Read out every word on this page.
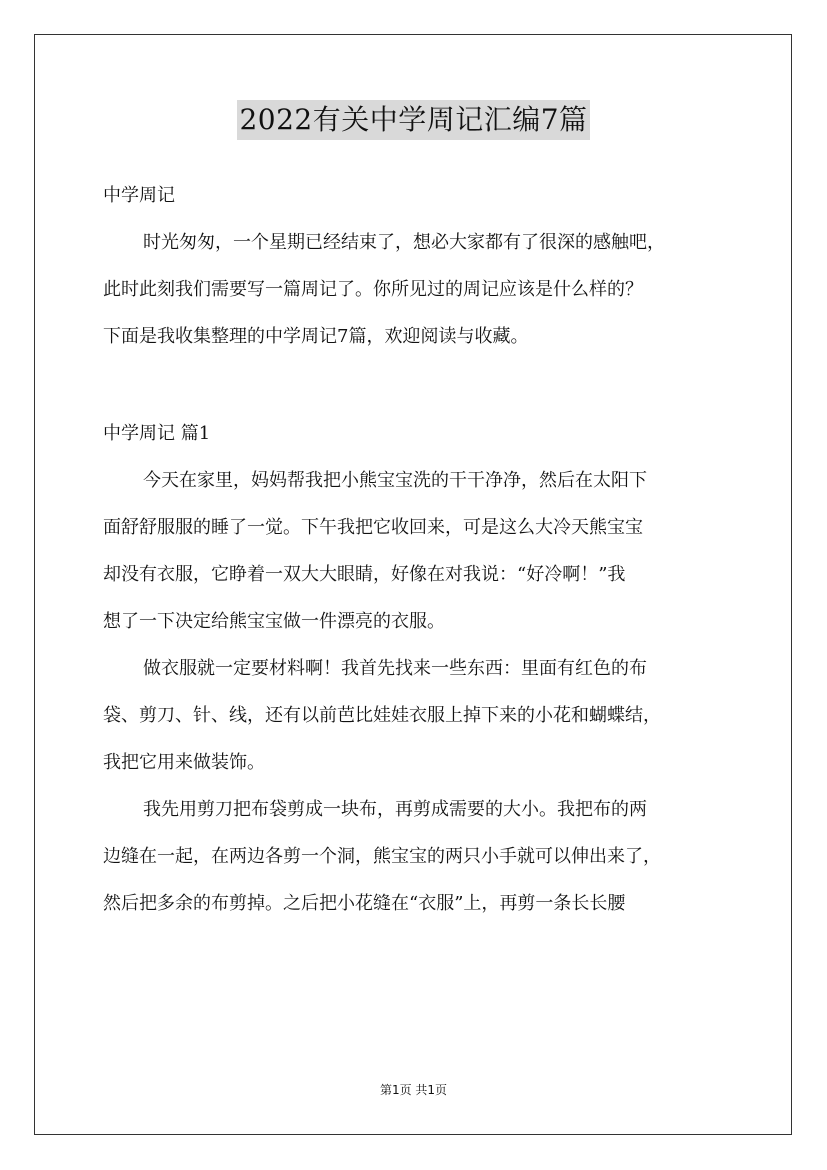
2022有关中学周记汇编7篇
中学周记
时光匆匆，一个星期已经结束了，想必大家都有了很深的感触吧，
此时此刻我们需要写一篇周记了。你所见过的周记应该是什么样的？
下面是我收集整理的中学周记7篇，欢迎阅读与收藏。
中学周记 篇1
今天在家里，妈妈帮我把小熊宝宝洗的干干净净，然后在太阳下
面舒舒服服的睡了一觉。下午我把它收回来，可是这么大冷天熊宝宝
却没有衣服，它睁着一双大大眼睛，好像在对我说：“好冷啊！”我
想了一下决定给熊宝宝做一件漂亮的衣服。
做衣服就一定要材料啊！我首先找来一些东西：里面有红色的布
袋、剪刀、针、线，还有以前芭比娃娃衣服上掉下来的小花和蝴蝶结，
我把它用来做装饰。
我先用剪刀把布袋剪成一块布，再剪成需要的大小。我把布的两
边缝在一起，在两边各剪一个洞，熊宝宝的两只小手就可以伸出来了，
然后把多余的布剪掉。之后把小花缝在“衣服”上，再剪一条长长腰
第1页 共1页
